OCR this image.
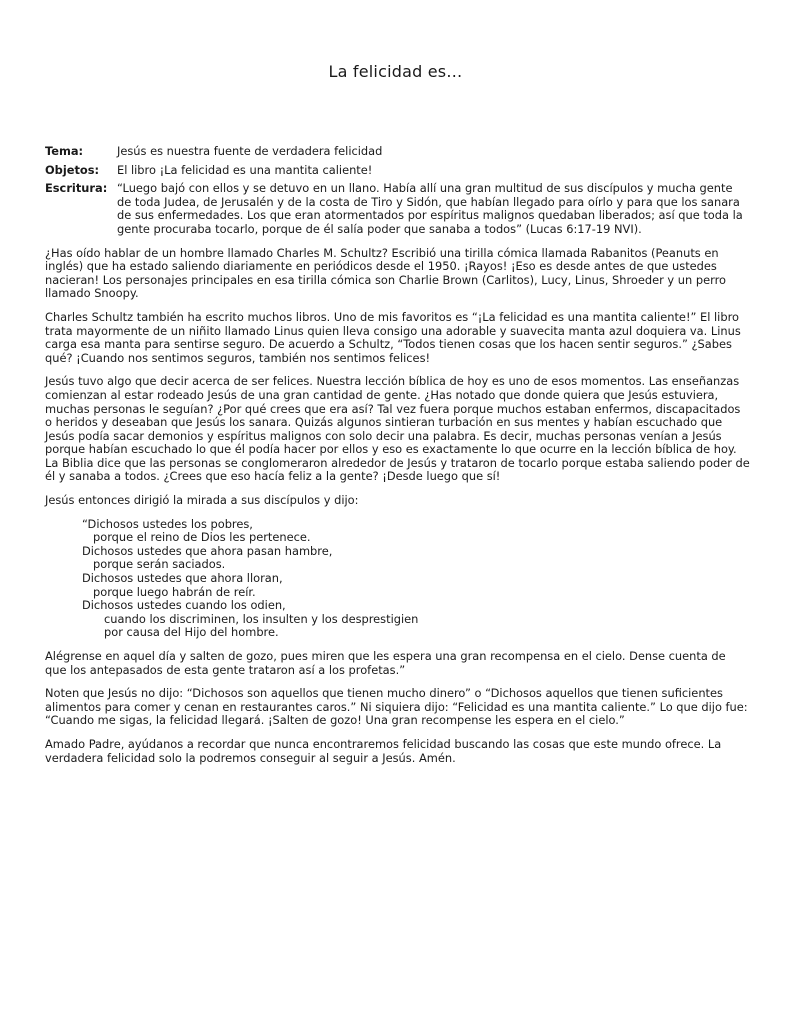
La felicidad es…
Tema:	Jesús es nuestra fuente de verdadera felicidad
Objetos:	El libro ¡La felicidad es una mantita caliente!
Escritura: “Luego bajó con ellos y se detuvo en un llano. Había allí una gran multitud de sus discípulos y mucha gente de toda Judea, de Jerusalén y de la costa de Tiro y Sidón, que habían llegado para oírlo y para que los sanara de sus enfermedades. Los que eran atormentados por espíritus malignos quedaban liberados; así que toda la gente procuraba tocarlo, porque de él salía poder que sanaba a todos” (Lucas 6:17-19 NVI).

¿Has oído hablar de un hombre llamado Charles M. Schultz? Escribió una tirilla cómica llamada Rabanitos (Peanuts en inglés) que ha estado saliendo diariamente en periódicos desde el 1950. ¡Rayos! ¡Eso es desde antes de que ustedes nacieran! Los personajes principales en esa tirilla cómica son Charlie Brown (Carlitos), Lucy, Linus, Shroeder y un perro llamado Snoopy.

Charles Schultz también ha escrito muchos libros. Uno de mis favoritos es “¡La felicidad es una mantita caliente!” El libro trata mayormente de un niñito llamado Linus quien lleva consigo una adorable y suavecita manta azul doquiera va. Linus carga esa manta para sentirse seguro. De acuerdo a Schultz, “Todos tienen cosas que los hacen sentir seguros.” ¿Sabes qué? ¡Cuando nos sentimos seguros, también nos sentimos felices!

Jesús tuvo algo que decir acerca de ser felices. Nuestra lección bíblica de hoy es uno de esos momentos. Las enseñanzas comienzan al estar rodeado Jesús de una gran cantidad de gente. ¿Has notado que donde quiera que Jesús estuviera, muchas personas le seguían? ¿Por qué crees que era así? Tal vez fuera porque muchos estaban enfermos, discapacitados o heridos y deseaban que Jesús los sanara. Quizás algunos sintieran turbación en sus mentes y habían escuchado que Jesús podía sacar demonios y espíritus malignos con solo decir una palabra. Es decir, muchas personas venían a Jesús porque habían escuchado lo que él podía hacer por ellos y eso es exactamente lo que ocurre en la lección bíblica de hoy. La Biblia dice que las personas se conglomeraron alrededor de Jesús y trataron de tocarlo porque estaba saliendo poder de él y sanaba a todos. ¿Crees que eso hacía feliz a la gente? ¡Desde luego que sí!

Jesús entonces dirigió la mirada a sus discípulos y dijo:

“Dichosos ustedes los pobres,
porque el reino de Dios les pertenece.
Dichosos ustedes que ahora pasan hambre,
porque serán saciados.
Dichosos ustedes que ahora lloran,
porque luego habrán de reír.
Dichosos ustedes cuando los odien,
cuando los discriminen, los insulten y los desprestigien
por causa del Hijo del hombre.

Alégrense en aquel día y salten de gozo, pues miren que les espera una gran recompensa en el cielo. Dense cuenta de que los antepasados de esta gente trataron así a los profetas.”

Noten que Jesús no dijo: “Dichosos son aquellos que tienen mucho dinero” o “Dichosos aquellos que tienen suficientes alimentos para comer y cenan en restaurantes caros.” Ni siquiera dijo: “Felicidad es una mantita caliente.” Lo que dijo fue: “Cuando me sigas, la felicidad llegará. ¡Salten de gozo! Una gran recompense les espera en el cielo.”

Amado Padre, ayúdanos a recordar que nunca encontraremos felicidad buscando las cosas que este mundo ofrece. La verdadera felicidad solo la podremos conseguir al seguir a Jesús. Amén.
